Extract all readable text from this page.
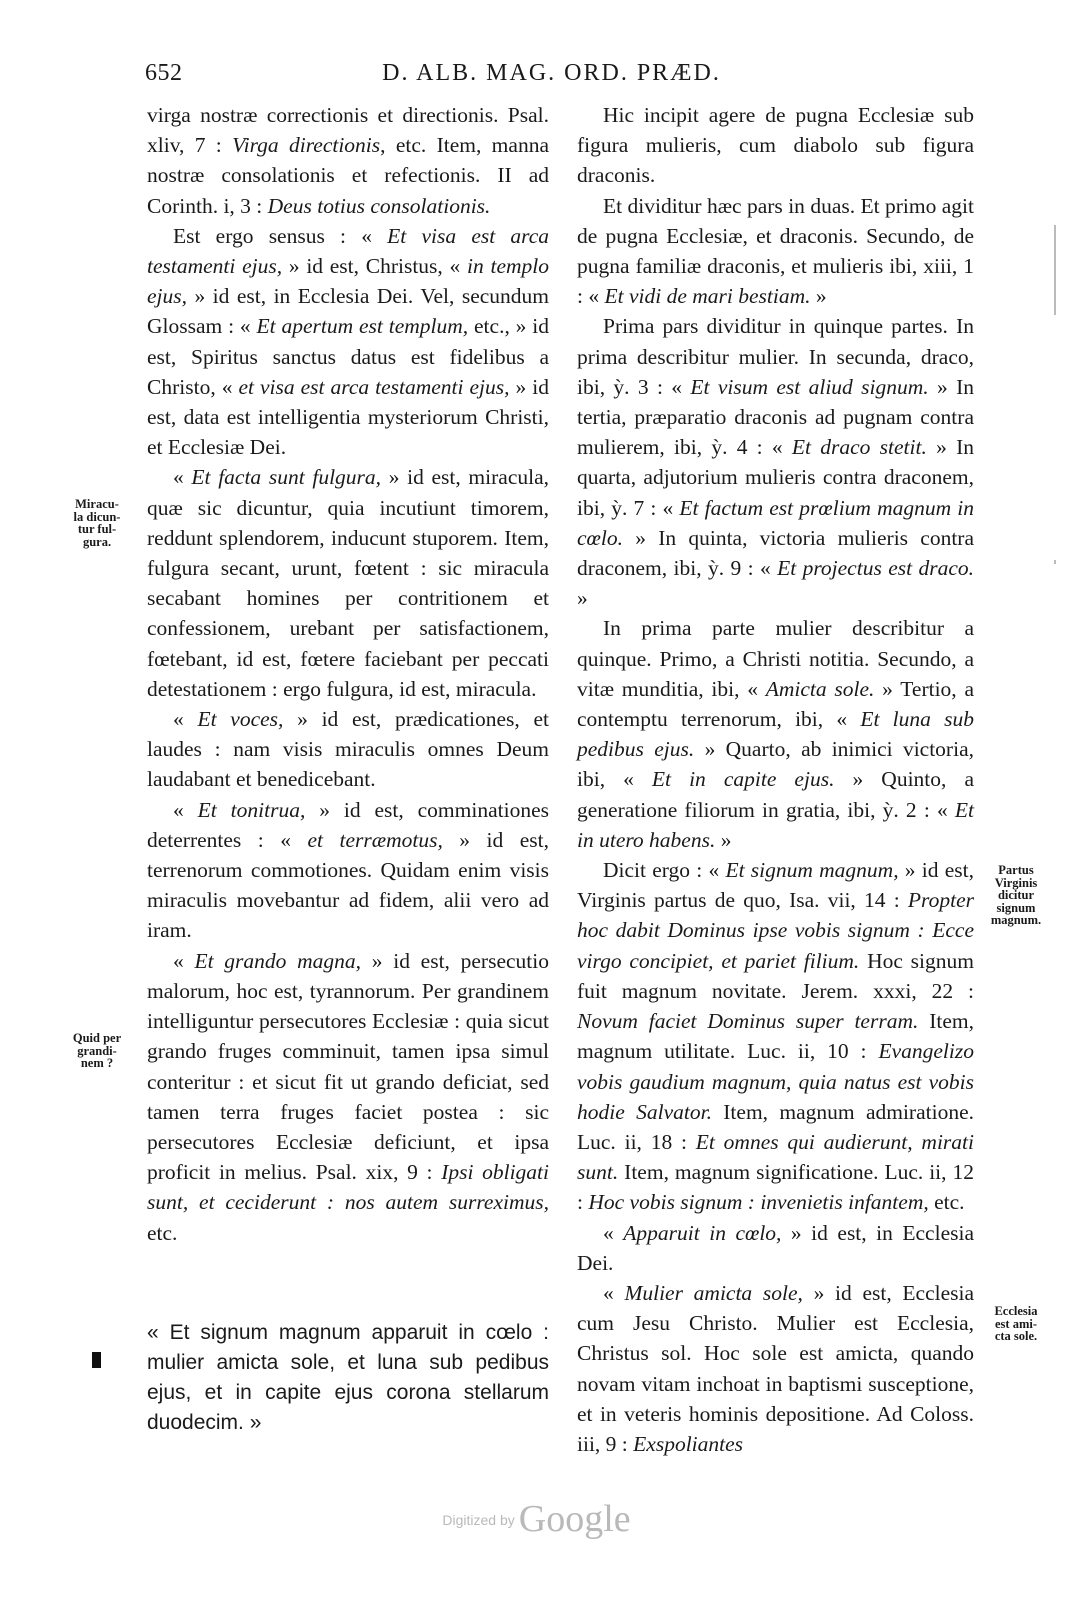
652	D. ALB. MAG. ORD. PRÆD.

virga nostræ correctionis et directionis. Psal. xliv, 7 : Virga directionis, etc. Item, manna nostræ consolationis et refectionis. II ad Corinth. i, 3 : Deus totius consolationis.

Est ergo sensus : « Et visa est arca testamenti ejus, » id est, Christus, « in templo ejus, » id est, in Ecclesia Dei. Vel, secundum Glossam : « Et apertum est templum, etc., » id est, Spiritus sanctus datus est fidelibus a Christo, « et visa est arca testamenti ejus, » id est, data est intelligentia mysteriorum Christi, et Ecclesiæ Dei.

« Et facta sunt fulgura, » id est, miracula, quæ sic dicuntur, quia incutiunt timorem, reddunt splendorem, inducunt stuporem. Item, fulgura secant, urunt, fœtent : sic miracula secabant homines per contritionem et confessionem, urebant per satisfactionem, fœtebant, id est, fœtere faciebant per peccati detestationem : ergo fulgura, id est, miracula.

« Et voces, » id est, prædicationes, et laudes : nam visis miraculis omnes Deum laudabant et benedicebant.

« Et tonitrua, » id est, comminationes deterrentes : « et terræmotus, » id est, terrenorum commotiones. Quidam enim visis miraculis movebantur ad fidem, alii vero ad iram.

« Et grando magna, » id est, persecutio malorum, hoc est, tyrannorum. Per grandinem intelliguntur persecutores Ecclesiæ : quia sicut grando fruges comminuit, tamen ipsa simul conteritur : et sicut fit ut grando deficiat, sed tamen terra fruges faciet postea : sic persecutores Ecclesiæ deficiunt, et ipsa proficit in melius. Psal. xix, 9 : Ipsi obligati sunt, et ceciderunt : nos autem surreximus, etc.

« Et signum magnum apparuit in cœlo : mulier amicta sole, et luna sub pedibus ejus, et in capite ejus corona stellarum duodecim. »

Hic incipit agere de pugna Ecclesiæ sub figura mulieris, cum diabolo sub figura draconis.

Et dividitur hæc pars in duas. Et primo agit de pugna Ecclesiæ, et draconis. Secundo, de pugna familiæ draconis, et mulieris ibi, xiii, 1 : « Et vidi de mari bestiam. »

Prima pars dividitur in quinque partes. In prima describitur mulier. In secunda, draco, ibi, ỳ. 3 : « Et visum est aliud signum. » In tertia, præparatio draconis ad pugnam contra mulierem, ibi, ỳ. 4 : « Et draco stetit. » In quarta, adjutorium mulieris contra draconem, ibi, ỳ. 7 : « Et factum est prœlium magnum in cœlo. » In quinta, victoria mulieris contra draconem, ibi, ỳ. 9 : « Et projectus est draco. »

In prima parte mulier describitur a quinque. Primo, a Christi notitia. Secundo, a vitæ munditia, ibi, « Amicta sole. » Tertio, a contemptu terrenorum, ibi, « Et luna sub pedibus ejus. » Quarto, ab inimici victoria, ibi, « Et in capite ejus. » Quinto, a generatione filiorum in gratia, ibi, ỳ. 2 : « Et in utero habens. »

Dicit ergo : « Et signum magnum, » id est, Virginis partus de quo, Isa. vii, 14 : Propter hoc dabit Dominus ipse vobis signum : Ecce virgo concipiet, et pariet filium. Hoc signum fuit magnum novitate. Jerem. xxxi, 22 : Novum faciet Dominus super terram. Item, magnum utilitate. Luc. ii, 10 : Evangelizo vobis gaudium magnum, quia natus est vobis hodie Salvator. Item, magnum admiratione. Luc. ii, 18 : Et omnes qui audierunt, mirati sunt. Item, magnum significatione. Luc. ii, 12 : Hoc vobis signum : invenietis infantem, etc.

« Apparuit in cœlo, » id est, in Ecclesia Dei.

« Mulier amicta sole, » id est, Ecclesia cum Jesu Christo. Mulier est Ecclesia, Christus sol. Hoc sole est amicta, quando novam vitam inchoat in baptismi susceptione, et in veteris hominis depositione. Ad Coloss. iii, 9 : Exspoliantes

Miracu-
la dicun-
tur ful-
gura.
Quid per
grandi-
nem ?
Partus
Virginis
dicitur
signum
magnum.
Ecclesia
est ami-
cta sole.
Digitized by Google
